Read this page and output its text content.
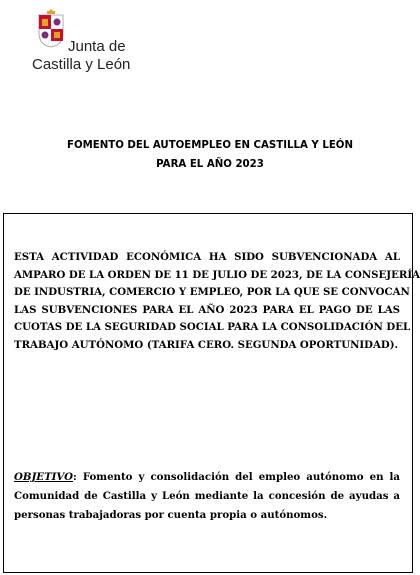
Junta de
Castilla y León
FOMENTO DEL AUTOEMPLEO EN CASTILLA Y LEÓN
PARA EL AÑO 2023
ESTA ACTIVIDAD ECONÓMICA HA SIDO SUBVENCIONADA AL
AMPARO DE LA ORDEN DE 11 DE JULIO DE 2023, DE LA CONSEJERÍA
DE INDUSTRIA, COMERCIO Y EMPLEO, POR LA QUE SE CONVOCAN
LAS SUBVENCIONES PARA EL AÑO 2023 PARA EL PAGO DE LAS
CUOTAS DE LA SEGURIDAD SOCIAL PARA LA CONSOLIDACIÓN DEL
TRABAJO AUTÓNOMO (TARIFA CERO. SEGUNDA OPORTUNIDAD).
OBJETIVO: Fomento y consolidación del empleo autónomo en la
Comunidad de Castilla y León mediante la concesión de ayudas a
personas trabajadoras por cuenta propia o autónomos.
